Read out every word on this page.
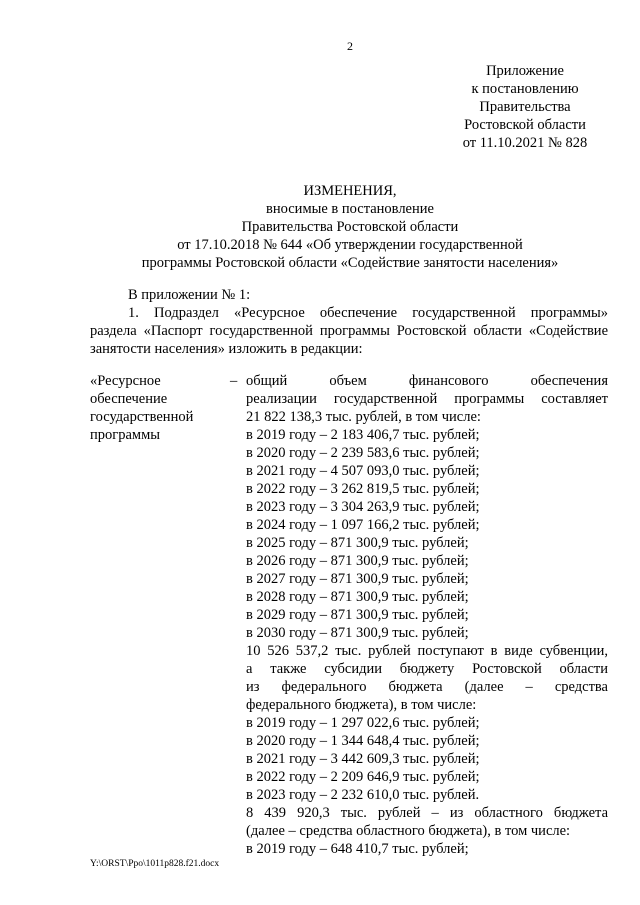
2
Приложение
к постановлению
Правительства
Ростовской области
от 11.10.2021 № 828
ИЗМЕНЕНИЯ,
вносимые в постановление
Правительства Ростовской области
от 17.10.2018 № 644 «Об утверждении государственной
программы Ростовской области «Содействие занятости населения»
В приложении № 1:
1. Подраздел «Ресурсное обеспечение государственной программы»
раздела «Паспорт государственной программы Ростовской области «Содействие
занятости населения» изложить в редакции:
«Ресурсное
обеспечение
государственной
программы
– общий объем финансового обеспечения
реализации государственной программы составляет
21 822 138,3 тыс. рублей, в том числе:
в 2019 году – 2 183 406,7 тыс. рублей;
в 2020 году – 2 239 583,6 тыс. рублей;
в 2021 году – 4 507 093,0 тыс. рублей;
в 2022 году – 3 262 819,5 тыс. рублей;
в 2023 году – 3 304 263,9 тыс. рублей;
в 2024 году – 1 097 166,2 тыс. рублей;
в 2025 году – 871 300,9 тыс. рублей;
в 2026 году – 871 300,9 тыс. рублей;
в 2027 году – 871 300,9 тыс. рублей;
в 2028 году – 871 300,9 тыс. рублей;
в 2029 году – 871 300,9 тыс. рублей;
в 2030 году – 871 300,9 тыс. рублей;
10 526 537,2 тыс. рублей поступают в виде субвенции,
а также субсидии бюджету Ростовской области
из федерального бюджета (далее – средства
федерального бюджета), в том числе:
в 2019 году – 1 297 022,6 тыс. рублей;
в 2020 году – 1 344 648,4 тыс. рублей;
в 2021 году – 3 442 609,3 тыс. рублей;
в 2022 году – 2 209 646,9 тыс. рублей;
в 2023 году – 2 232 610,0 тыс. рублей.
8 439 920,3 тыс. рублей – из областного бюджета
(далее – средства областного бюджета), в том числе:
в 2019 году – 648 410,7 тыс. рублей;
Y:\ORST\Ppo\1011p828.f21.docx
